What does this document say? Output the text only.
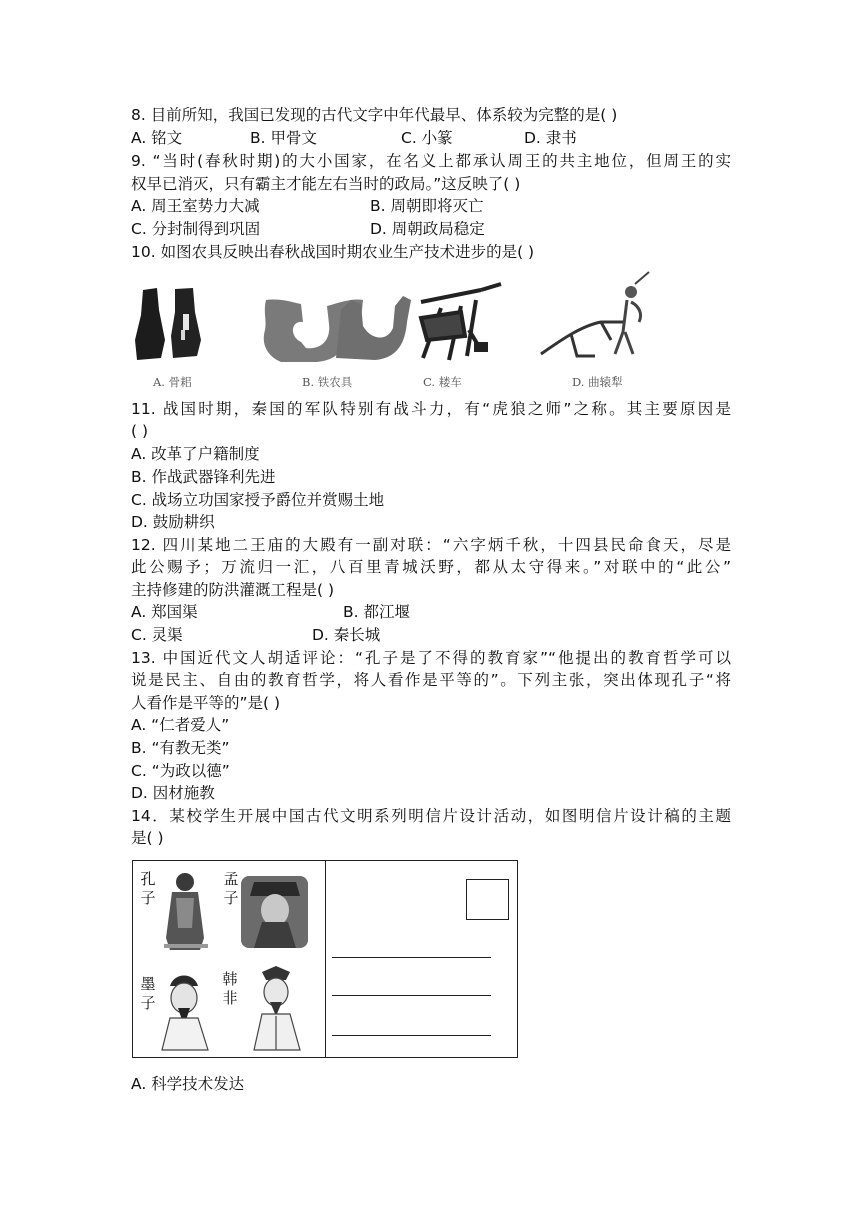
8. 目前所知，我国已发现的古代文字中年代最早、体系较为完整的是( )
A. 铭文	B. 甲骨文	C. 小篆	D. 隶书
9. “当时(春秋时期)的大小国家，在名义上都承认周王的共主地位，但周王的实
权早已消灭，只有霸主才能左右当时的政局。”这反映了( )
A. 周王室势力大减	B. 周朝即将灭亡
C. 分封制得到巩固	D. 周朝政局稳定
10. 如图农具反映出春秋战国时期农业生产技术进步的是( )
A. 骨耜	B. 铁农具	C. 耧车	D. 曲辕犁
11. 战国时期，秦国的军队特别有战斗力，有“虎狼之师”之称。其主要原因是
( )
A. 改革了户籍制度
B. 作战武器锋利先进
C. 战场立功国家授予爵位并赏赐土地
D. 鼓励耕织
12. 四川某地二王庙的大殿有一副对联：“六字炳千秋，十四县民命食天，尽是
此公赐予；万流归一汇，八百里青城沃野，都从太守得来。”对联中的“此公”
主持修建的防洪灌溉工程是( )
A. 郑国渠	B. 都江堰
C. 灵渠	D. 秦长城
13. 中国近代文人胡适评论：“孔子是了不得的教育家”“他提出的教育哲学可以
说是民主、自由的教育哲学，将人看作是平等的”。下列主张，突出体现孔子“将
人看作是平等的”是( )
A. “仁者爱人”
B. “有教无类”
C. “为政以德”
D. 因材施教
14．某校学生开展中国古代文明系列明信片设计活动，如图明信片设计稿的主题
是( )
孔子
孟子
墨子
韩非
A. 科学技术发达
